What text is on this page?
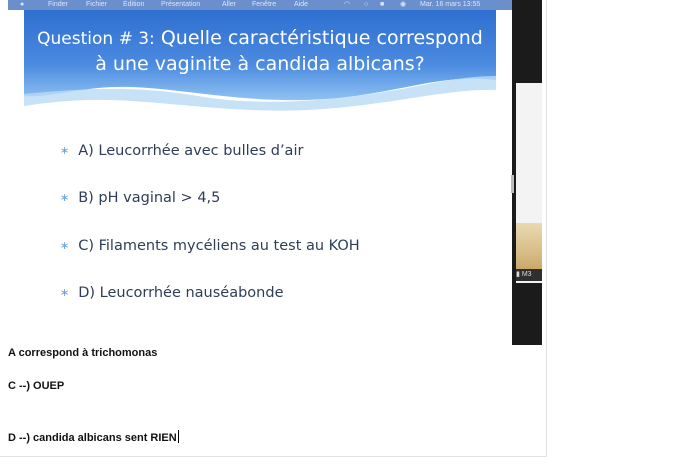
●	Finder	Fichier Édition Présentation	Aller Fenêtre	Aide	◠ ○ ■ ◉ Mar. 16 mars 13:55
Question # 3: Quelle caractéristique correspond
à une vaginite à candida albicans?
∗ A) Leucorrhée avec bulles d’air
∗ B) pH vaginal > 4,5
∗ C) Filaments mycéliens au test au KOH
∗ D) Leucorrhée nauséabonde
▮ M3
A correspond à trichomonas
C --) OUEP
D --) candida albicans sent RIEN
